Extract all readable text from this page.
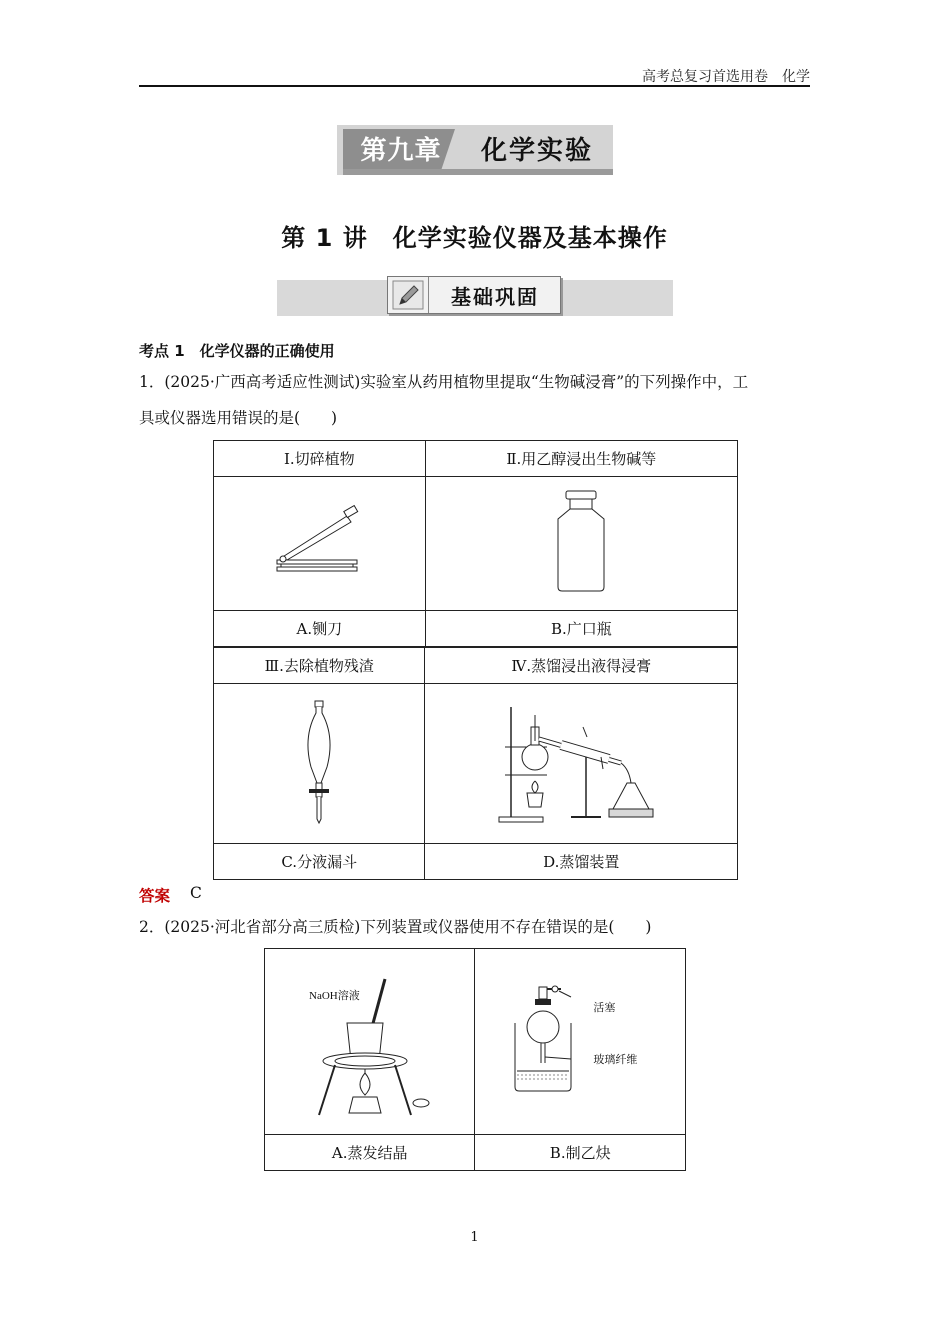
高考总复习首选用卷　化学
第九章	化学实验
第 1 讲　化学实验仪器及基本操作
基础巩固
考点 1　化学仪器的正确使用
1．(2025·广西高考适应性测试)实验室从药用植物里提取“生物碱浸膏”的下列操作中，工
具或仪器选用错误的是(　　)
Ⅰ.切碎植物	Ⅱ.用乙醇浸出生物碱等

A.铡刀	B.广口瓶
Ⅲ.去除植物残渣	Ⅳ.蒸馏浸出液得浸膏

C.分液漏斗	D.蒸馏装置
答案 C
2．(2025·河北省部分高三质检)下列装置或仪器使用不存在错误的是(　　)
NaOH溶液	活塞
玻璃纤维

A.蒸发结晶	B.制乙炔
1
